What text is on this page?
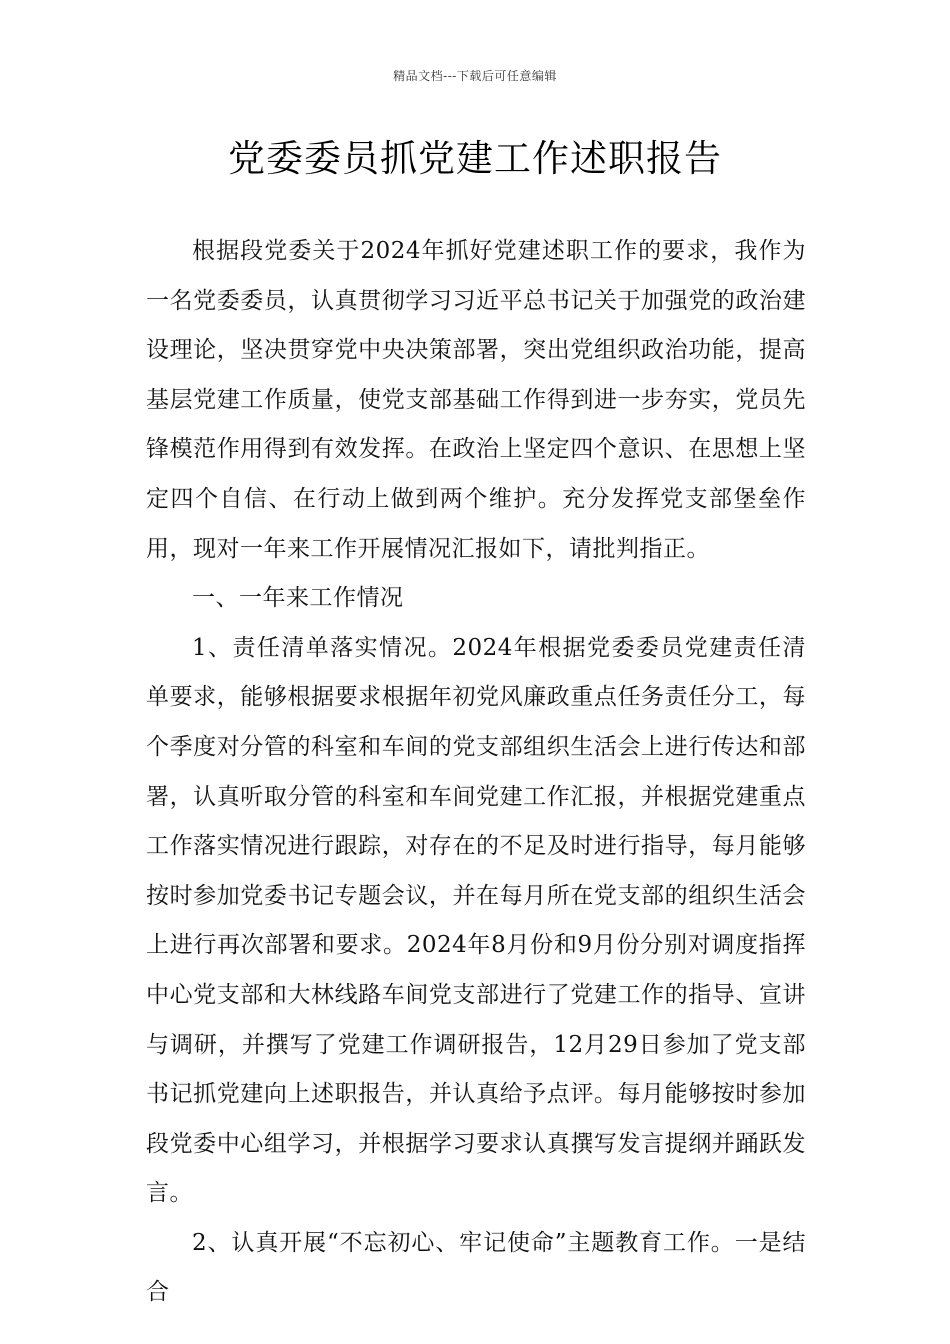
精品文档---下载后可任意编辑
党委委员抓党建工作述职报告

根据段党委关于2024年抓好党建述职工作的要求，我作为一名党委委员，认真贯彻学习习近平总书记关于加强党的政治建设理论，坚决贯穿党中央决策部署，突出党组织政治功能，提高基层党建工作质量，使党支部基础工作得到进一步夯实，党员先锋模范作用得到有效发挥。在政治上坚定四个意识、在思想上坚定四个自信、在行动上做到两个维护。充分发挥党支部堡垒作用，现对一年来工作开展情况汇报如下，请批判指正。

一、一年来工作情况

1、责任清单落实情况。2024年根据党委委员党建责任清单要求，能够根据要求根据年初党风廉政重点任务责任分工，每个季度对分管的科室和车间的党支部组织生活会上进行传达和部署，认真听取分管的科室和车间党建工作汇报，并根据党建重点工作落实情况进行跟踪，对存在的不足及时进行指导，每月能够按时参加党委书记专题会议，并在每月所在党支部的组织生活会上进行再次部署和要求。2024年8月份和9月份分别对调度指挥中心党支部和大林线路车间党支部进行了党建工作的指导、宣讲与调研，并撰写了党建工作调研报告，12月29日参加了党支部书记抓党建向上述职报告，并认真给予点评。每月能够按时参加段党委中心组学习，并根据学习要求认真撰写发言提纲并踊跃发言。

2、认真开展“不忘初心、牢记使命”主题教育工作。一是结合
